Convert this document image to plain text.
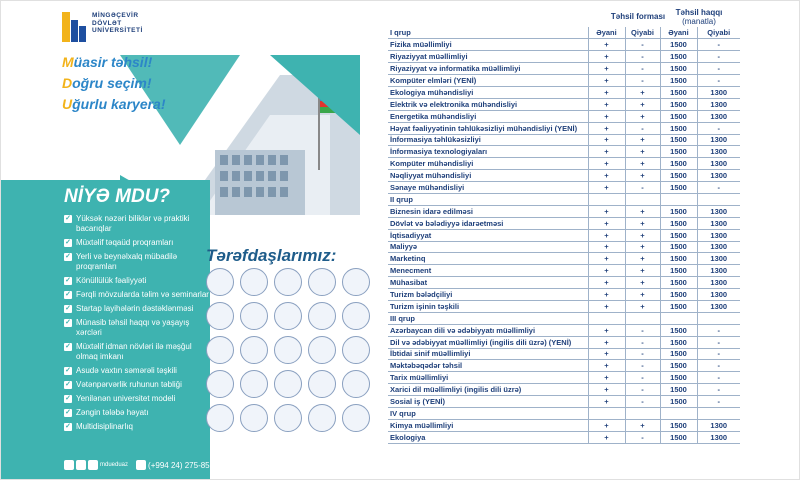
MİNGƏÇEVİR
DÖVLƏT
UNİVERSİTETİ
Müasir təhsil!
Doğru seçim!
Uğurlu karyera!
NİYƏ MDU?
✓ Yüksək nəzəri biliklər və praktiki bacarıqlar
✓ Müxtəlif təqaüd proqramları
✓ Yerli və beynəlxalq mübadilə proqramları
✓ Könüllülük fəaliyyəti
✓ Fərqli mövzularda təlim və seminarlar
✓ Startap layihələrin dəstəklənməsi
✓ Münasib təhsil haqqı və yaşayış xərcləri
✓ Müxtəlif idman növləri ilə məşğul olmaq imkanı
✓ Asudə vaxtın səmərəli təşkili
✓ Vətənpərvərlik ruhunun təbliği
✓ Yenilənən universitet modeli
✓ Zəngin tələbə həyatı
✓ Multidisiplinarlıq
mdueduaz	(+994 24) 275-85-49
Tərəfdaşlarımız:
Təhsil forması	Təhsil haqqı
(manatla)
I qrup	Əyani	Qiyabi	Əyani	Qiyabi
Fizika müəllimliyi	+	-	1500	-
Riyaziyyat müəllimliyi	+	-	1500	-
Riyaziyyat və informatika müəllimliyi	+	-	1500	-
Kompüter elmləri (YENİ)	+	-	1500	-
Ekologiya mühəndisliyi	+	+	1500	1300
Elektrik və elektronika mühəndisliyi	+	+	1500	1300
Energetika mühəndisliyi	+	+	1500	1300
Həyat fəaliyyətinin təhlükəsizliyi mühəndisliyi (YENİ)	+	-	1500	-
İnformasiya təhlükəsizliyi	+	+	1500	1300
İnformasiya texnologiyaları	+	+	1500	1300
Kompüter mühəndisliyi	+	+	1500	1300
Nəqliyyat mühəndisliyi	+	+	1500	1300
Sənaye mühəndisliyi	+	-	1500	-
II qrup				
Biznesin idarə edilməsi	+	+	1500	1300
Dövlət və bələdiyyə idarəetməsi	+	+	1500	1300
İqtisadiyyat	+	+	1500	1300
Maliyyə	+	+	1500	1300
Marketinq	+	+	1500	1300
Menecment	+	+	1500	1300
Mühasibat	+	+	1500	1300
Turizm bələdçiliyi	+	+	1500	1300
Turizm işinin təşkili	+	+	1500	1300
III qrup				
Azərbaycan dili və ədəbiyyatı müəllimliyi	+	-	1500	-
Dil və ədəbiyyat müəllimliyi (ingilis dili üzrə) (YENİ)	+	-	1500	-
İbtidai sinif müəllimliyi	+	-	1500	-
Məktəbəqədər təhsil	+	-	1500	-
Tarix müəllimliyi	+	-	1500	-
Xarici dil müəllimliyi (ingilis dili üzrə)	+	-	1500	-
Sosial iş (YENİ)	+	-	1500	-
IV qrup				
Kimya müəllimliyi	+	+	1500	1300
Ekologiya	+	-	1500	1300
